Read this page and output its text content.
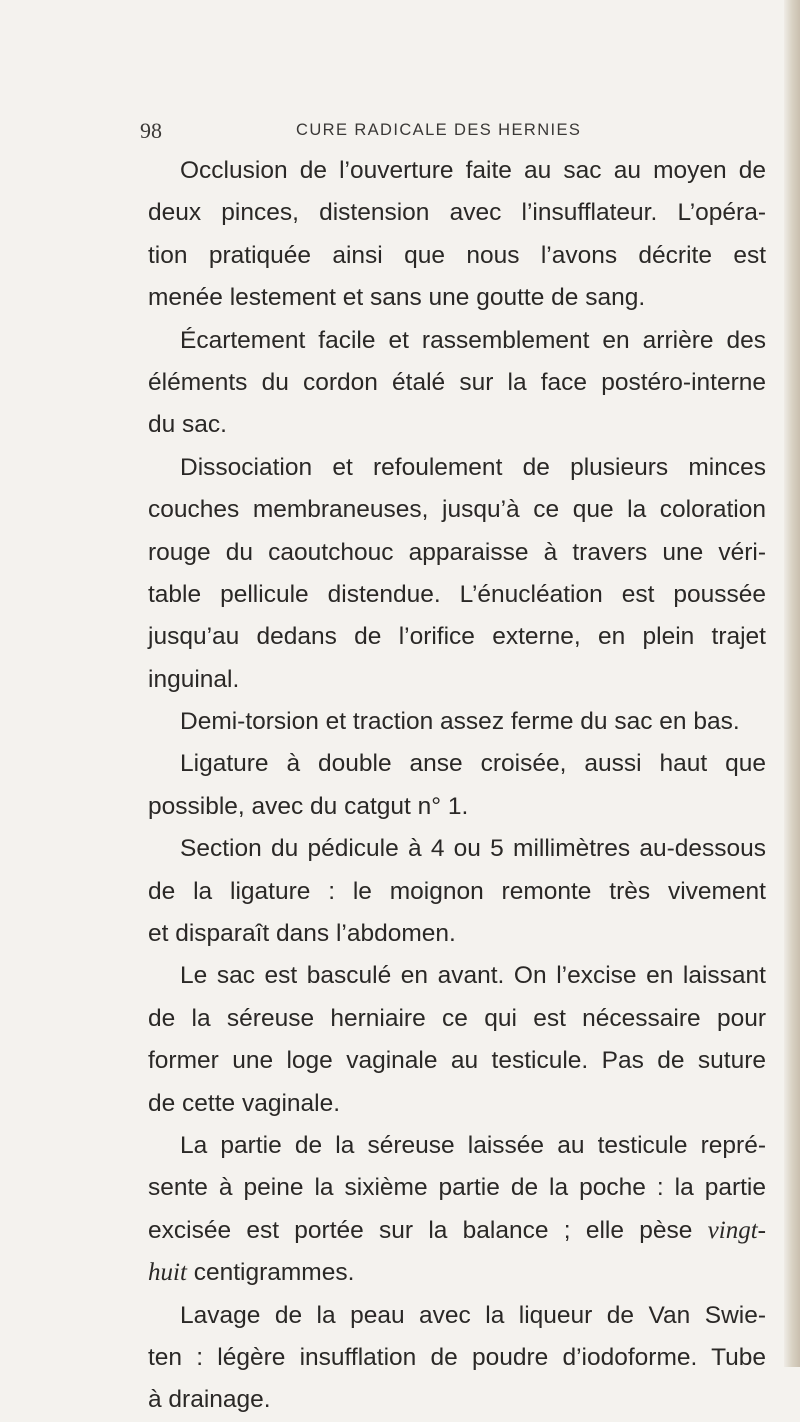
98	CURE RADICALE DES HERNIES
Occlusion de l’ouverture faite au sac au moyen de
deux pinces, distension avec l’insufflateur. L’opéra-
tion pratiquée ainsi que nous l’avons décrite est
menée lestement et sans une goutte de sang.
Écartement facile et rassemblement en arrière des
éléments du cordon étalé sur la face postéro-interne
du sac.
Dissociation et refoulement de plusieurs minces
couches membraneuses, jusqu’à ce que la coloration
rouge du caoutchouc apparaisse à travers une véri-
table pellicule distendue. L’énucléation est poussée
jusqu’au dedans de l’orifice externe, en plein trajet
inguinal.
Demi-torsion et traction assez ferme du sac en bas.
Ligature à double anse croisée, aussi haut que
possible, avec du catgut n° 1.
Section du pédicule à 4 ou 5 millimètres au-dessous
de la ligature : le moignon remonte très vivement
et disparaît dans l’abdomen.
Le sac est basculé en avant. On l’excise en laissant
de la séreuse herniaire ce qui est nécessaire pour
former une loge vaginale au testicule. Pas de suture
de cette vaginale.
La partie de la séreuse laissée au testicule repré-
sente à peine la sixième partie de la poche : la partie
excisée est portée sur la balance ; elle pèse vingt-
huit centigrammes.
Lavage de la peau avec la liqueur de Van Swie-
ten : légère insufflation de poudre d’iodoforme. Tube
à drainage.
